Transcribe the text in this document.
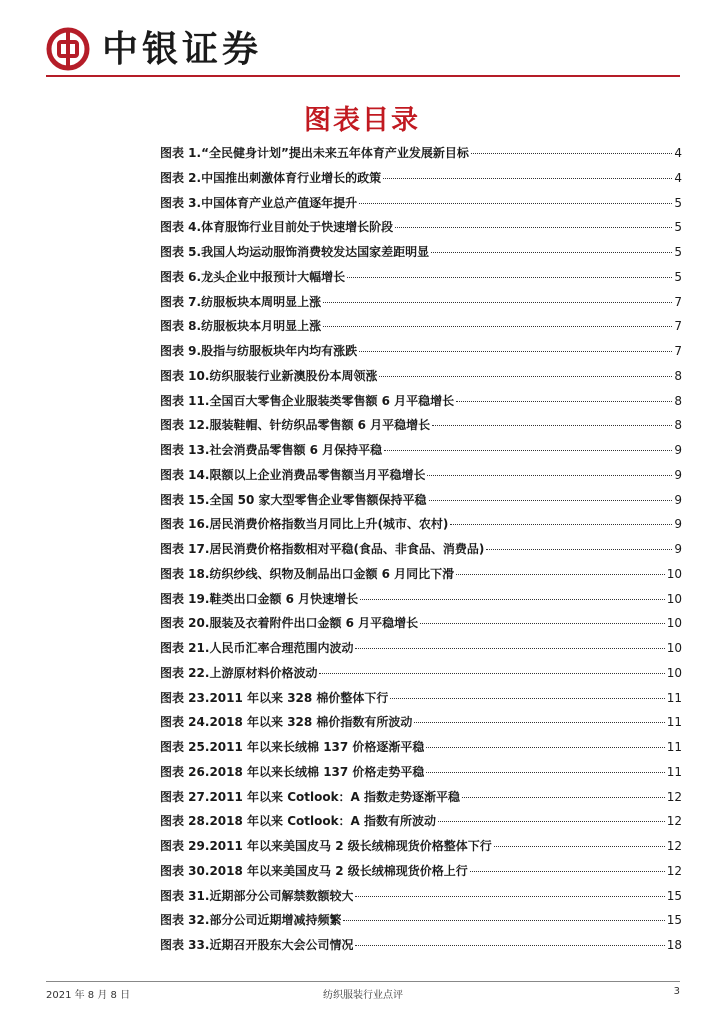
中银证券
图表目录
图表 1. “全民健身计划”提出未来五年体育产业发展新目标	4
图表 2. 中国推出刺激体育行业增长的政策	4
图表 3. 中国体育产业总产值逐年提升	5
图表 4. 体育服饰行业目前处于快速增长阶段	5
图表 5. 我国人均运动服饰消费较发达国家差距明显	5
图表 6. 龙头企业中报预计大幅增长	5
图表 7. 纺服板块本周明显上涨	7
图表 8. 纺服板块本月明显上涨	7
图表 9. 股指与纺服板块年内均有涨跌	7
图表 10. 纺织服装行业新澳股份本周领涨	8
图表 11. 全国百大零售企业服装类零售额 6 月平稳增长	8
图表 12. 服装鞋帽、针纺织品零售额 6 月平稳增长	8
图表 13. 社会消费品零售额 6 月保持平稳	9
图表 14. 限额以上企业消费品零售额当月平稳增长	9
图表 15. 全国 50 家大型零售企业零售额保持平稳	9
图表 16. 居民消费价格指数当月同比上升(城市、农村)	9
图表 17. 居民消费价格指数相对平稳(食品、非食品、消费品)	9
图表 18. 纺织纱线、织物及制品出口金额 6 月同比下滑	10
图表 19. 鞋类出口金额 6 月快速增长	10
图表 20. 服装及衣着附件出口金额 6 月平稳增长	10
图表 21. 人民币汇率合理范围内波动	10
图表 22. 上游原材料价格波动	10
图表 23. 2011 年以来 328 棉价整体下行	11
图表 24. 2018 年以来 328 棉价指数有所波动	11
图表 25. 2011 年以来长绒棉 137 价格逐渐平稳	11
图表 26. 2018 年以来长绒棉 137 价格走势平稳	11
图表 27. 2011 年以来 Cotlook：A 指数走势逐渐平稳	12
图表 28. 2018 年以来 Cotlook：A 指数有所波动	12
图表 29. 2011 年以来美国皮马 2 级长绒棉现货价格整体下行	12
图表 30. 2018 年以来美国皮马 2 级长绒棉现货价格上行	12
图表 31. 近期部分公司解禁数额较大	15
图表 32. 部分公司近期增减持频繁	15
图表 33. 近期召开股东大会公司情况	18
2021 年 8 月 8 日	纺织服装行业点评	3
